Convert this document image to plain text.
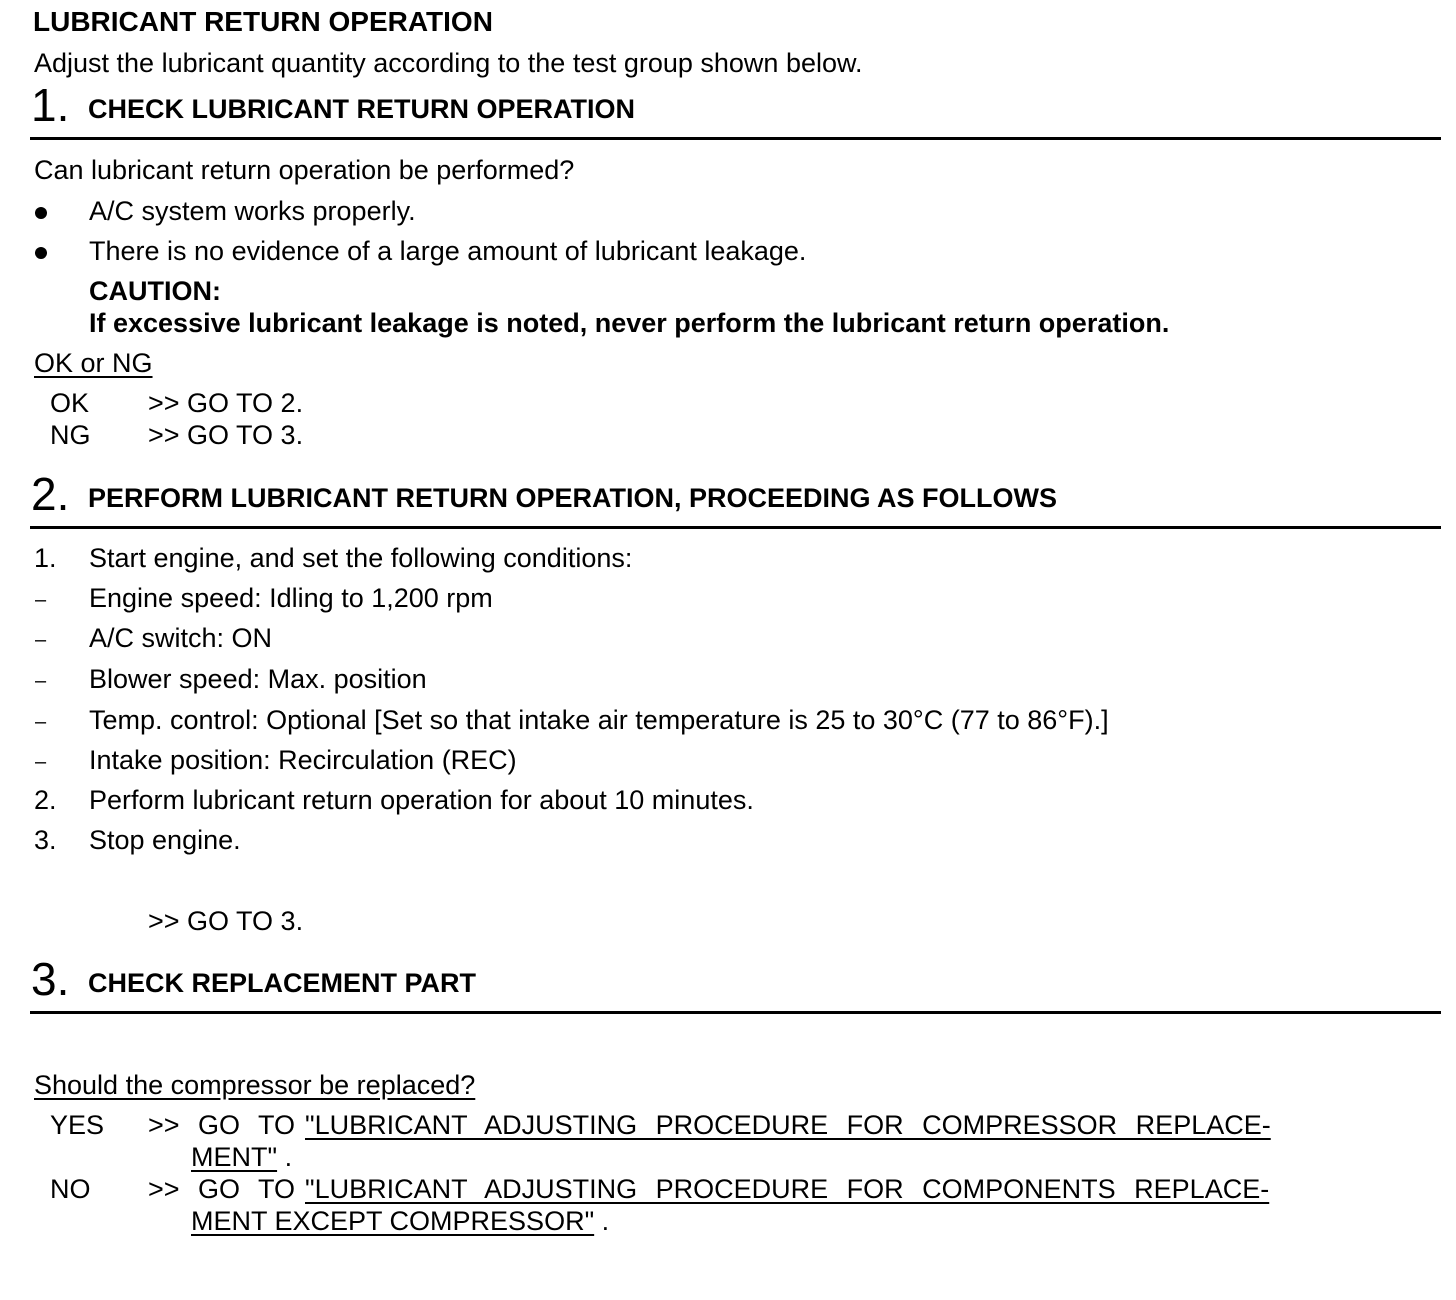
LUBRICANT RETURN OPERATION
Adjust the lubricant quantity according to the test group shown below.
1. CHECK LUBRICANT RETURN OPERATION
Can lubricant return operation be performed?
A/C system works properly.
There is no evidence of a large amount of lubricant leakage.
CAUTION:
If excessive lubricant leakage is noted, never perform the lubricant return operation.
OK or NG
OK >> GO TO 2.
NG >> GO TO 3.
2. PERFORM LUBRICANT RETURN OPERATION, PROCEEDING AS FOLLOWS
1. Start engine, and set the following conditions:
– Engine speed: Idling to 1,200 rpm
– A/C switch: ON
– Blower speed: Max. position
– Temp. control: Optional [Set so that intake air temperature is 25 to 30°C (77 to 86°F).]
– Intake position: Recirculation (REC)
2. Perform lubricant return operation for about 10 minutes.
3. Stop engine.
>> GO TO 3.
3. CHECK REPLACEMENT PART
Should the compressor be replaced?
YES >> GO TO "LUBRICANT ADJUSTING PROCEDURE FOR COMPRESSOR REPLACE-
MENT" .
NO >> GO TO "LUBRICANT ADJUSTING PROCEDURE FOR COMPONENTS REPLACE-
MENT EXCEPT COMPRESSOR" .
